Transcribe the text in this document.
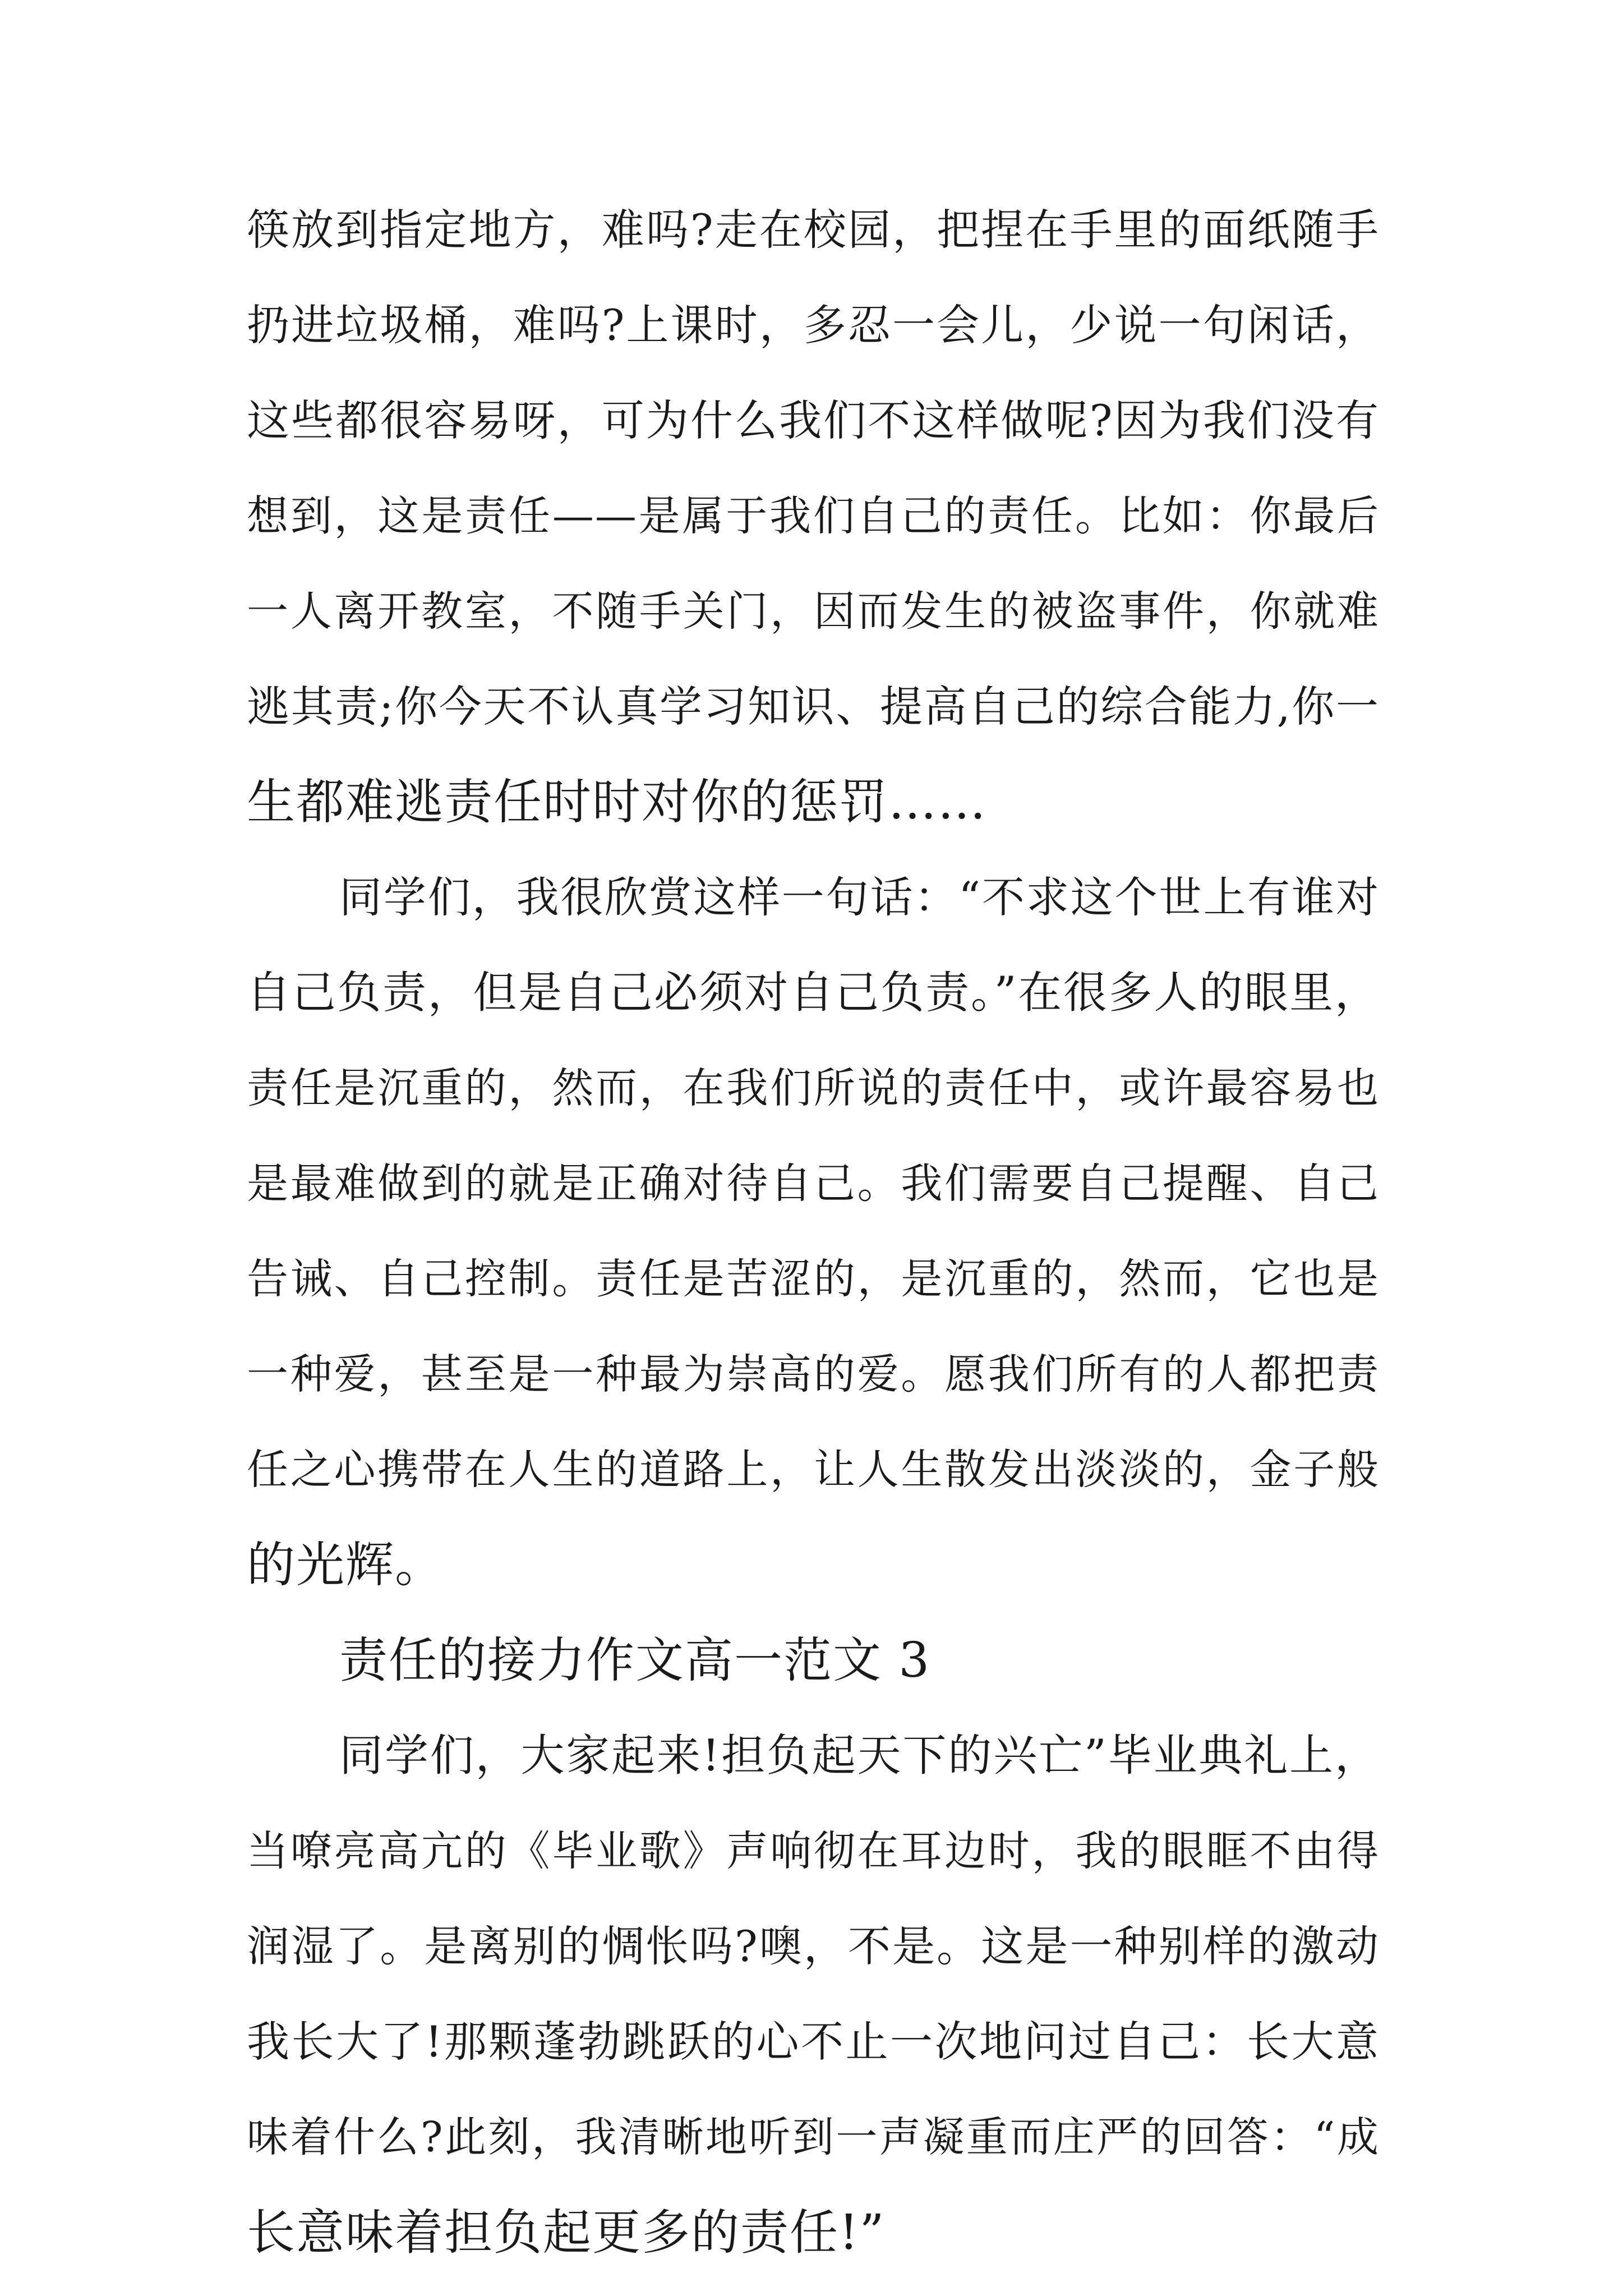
筷放到指定地方，难吗?走在校园，把捏在手里的面纸随手
扔进垃圾桶，难吗?上课时，多忍一会儿，少说一句闲话，
这些都很容易呀，可为什么我们不这样做呢?因为我们没有
想到，这是责任——是属于我们自己的责任。比如：你最后
一人离开教室，不随手关门，因而发生的被盗事件，你就难
逃其责;你今天不认真学习知识、提高自己的综合能力,你一
生都难逃责任时时对你的惩罚……
同学们，我很欣赏这样一句话：“不求这个世上有谁对
自己负责，但是自己必须对自己负责。”在很多人的眼里，
责任是沉重的，然而，在我们所说的责任中，或许最容易也
是最难做到的就是正确对待自己。我们需要自己提醒、自己
告诫、自己控制。责任是苦涩的，是沉重的，然而，它也是
一种爱，甚至是一种最为崇高的爱。愿我们所有的人都把责
任之心携带在人生的道路上，让人生散发出淡淡的，金子般
的光辉。
责任的接力作文高一范文 3
同学们，大家起来!担负起天下的兴亡”毕业典礼上，
当嘹亮高亢的《毕业歌》声响彻在耳边时，我的眼眶不由得
润湿了。是离别的惆怅吗?噢，不是。这是一种别样的激动
我长大了!那颗蓬勃跳跃的心不止一次地问过自己：长大意
味着什么?此刻，我清晰地听到一声凝重而庄严的回答：“成
长意味着担负起更多的责任!”
